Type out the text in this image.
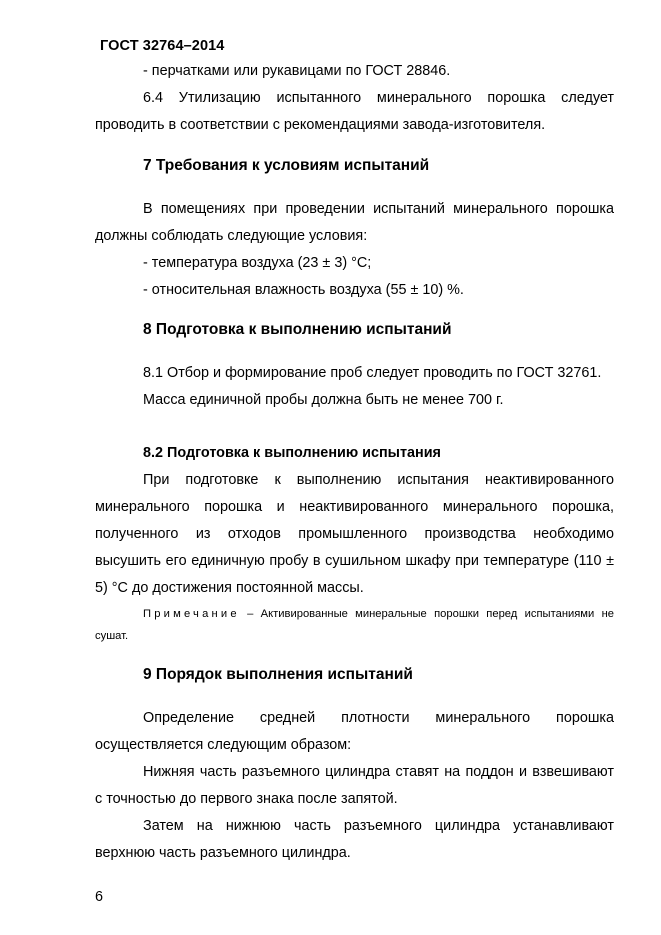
ГОСТ 32764–2014

- перчатками или рукавицами по ГОСТ 28846.

6.4 Утилизацию испытанного минерального порошка следует проводить в соответствии с рекомендациями завода-изготовителя.

7 Требования к условиям испытаний

В помещениях при проведении испытаний минерального порошка должны соблюдать следующие условия:

- температура воздуха (23 ± 3) °С;

- относительная влажность воздуха (55 ± 10) %.

8 Подготовка к выполнению испытаний

8.1 Отбор и формирование проб следует проводить по ГОСТ 32761.

Масса единичной пробы должна быть не менее 700 г.

8.2 Подготовка к выполнению испытания

При подготовке к выполнению испытания неактивированного минерального порошка и неактивированного минерального порошка, полученного из отходов промышленного производства необходимо высушить его единичную пробу в сушильном шкафу при температуре (110 ± 5) °С до достижения постоянной массы.

Примечание – Активированные минеральные порошки перед испытаниями не сушат.

9 Порядок выполнения испытаний

Определение средней плотности минерального порошка осуществляется следующим образом:

Нижняя часть разъемного цилиндра ставят на поддон и взвешивают с точностью до первого знака после запятой.

Затем на нижнюю часть разъемного цилиндра устанавливают верхнюю часть разъемного цилиндра.

6
